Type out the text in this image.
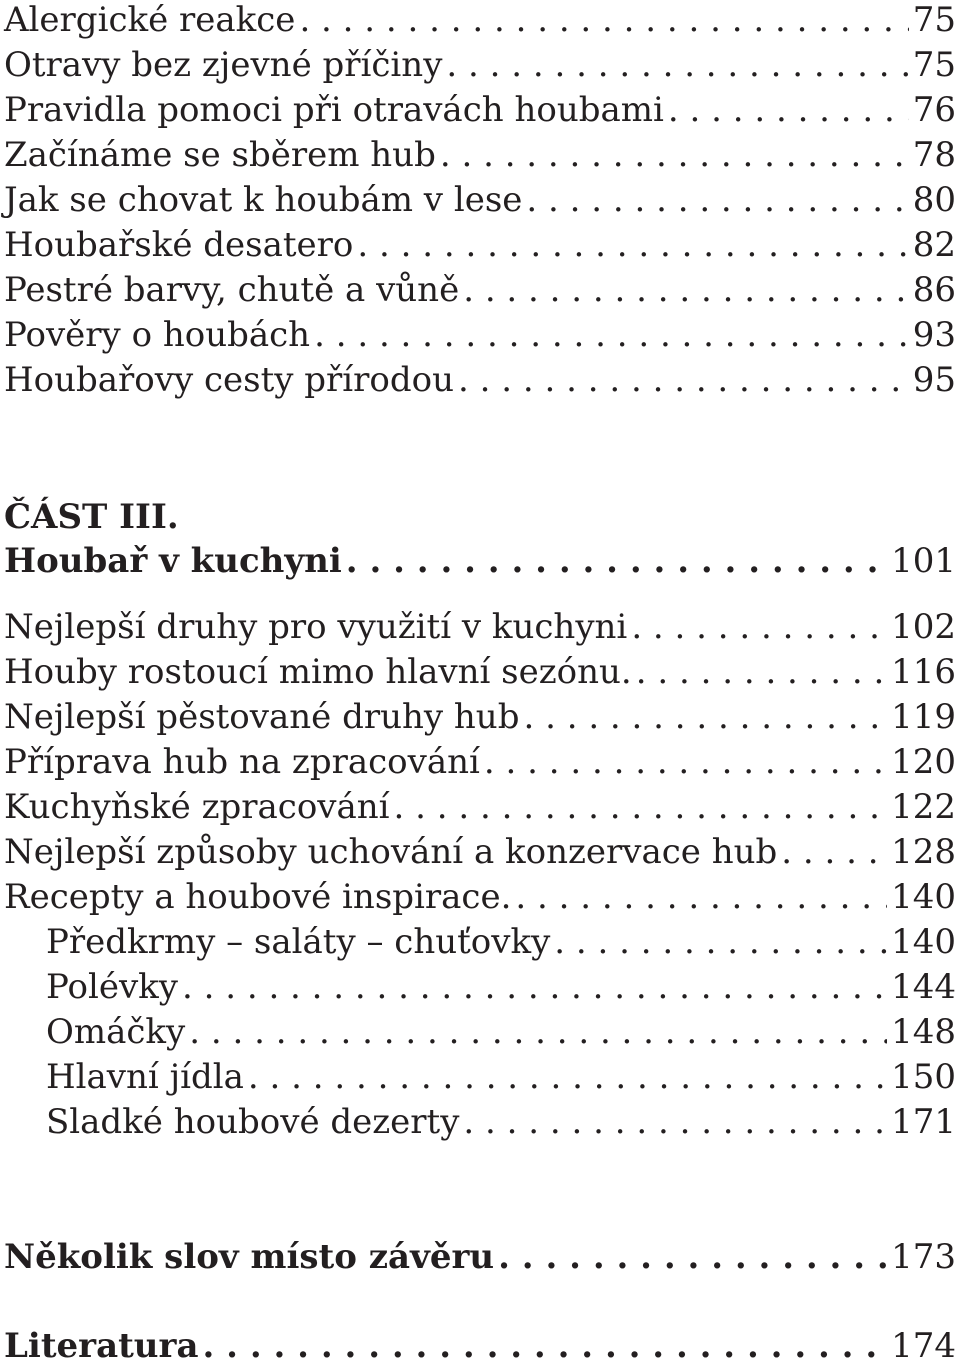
Alergické reakce . . .	75
Otravy bez zjevné příčiny . . .	75
Pravidla pomoci při otravách houbami . . .	76
Začínáme se sběrem hub . . .	78
Jak se chovat k houbám v lese . . .	80
Houbařské desatero . . .	82
Pestré barvy, chutě a vůně . . .	86
Pověry o houbách . . .	93
Houbařovy cesty přírodou . . .	95
ČÁST III.
Houbař v kuchyni . . .	101
Nejlepší druhy pro využití v kuchyni . . .	102
Houby rostoucí mimo hlavní sezónu. . . .	116
Nejlepší pěstované druhy hub . . .	119
Příprava hub na zpracování . . .	120
Kuchyňské zpracování . . .	122
Nejlepší způsoby uchování a konzervace hub . . .	128
Recepty a houbové inspirace. . . .	140
Předkrmy – saláty – chuťovky . . .	140
Polévky . . .	144
Omáčky . . .	148
Hlavní jídla . . .	150
Sladké houbové dezerty . . .	171
Několik slov místo závěru . . .	173
Literatura . . .	174
